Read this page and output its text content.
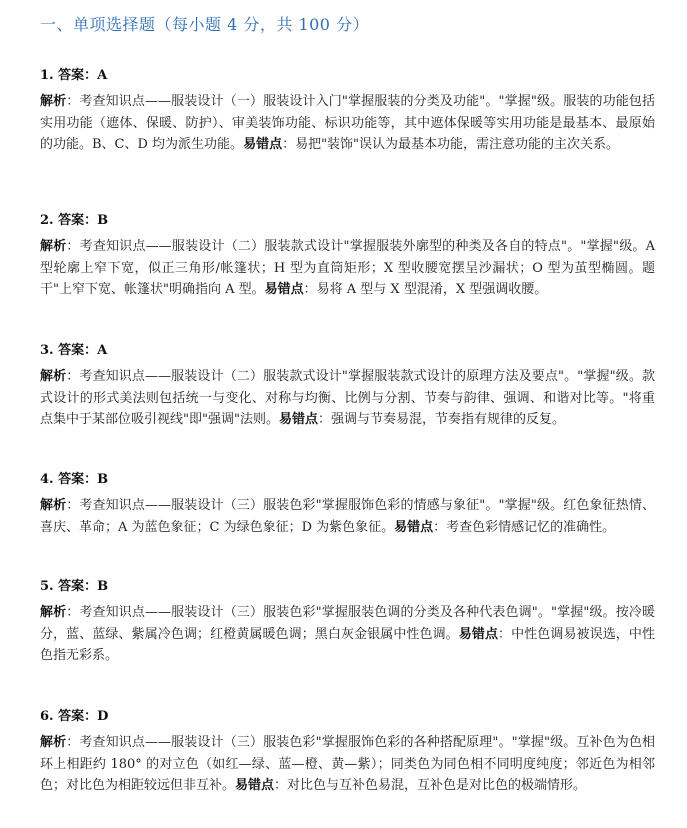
一、单项选择题（每小题 4 分，共 100 分）
1. 答案：A
解析：考查知识点——服装设计（一）服装设计入门"掌握服装的分类及功能"。"掌握"级。服装的功能包括实用功能（遮体、保暖、防护）、审美装饰功能、标识功能等，其中遮体保暖等实用功能是最基本、最原始的功能。B、C、D 均为派生功能。易错点：易把"装饰"误认为最基本功能，需注意功能的主次关系。
2. 答案：B
解析：考查知识点——服装设计（二）服装款式设计"掌握服装外廓型的种类及各自的特点"。"掌握"级。A 型轮廓上窄下宽，似正三角形/帐篷状；H 型为直筒矩形；X 型收腰宽摆呈沙漏状；O 型为茧型椭圆。题干"上窄下宽、帐篷状"明确指向 A 型。易错点：易将 A 型与 X 型混淆，X 型强调收腰。
3. 答案：A
解析：考查知识点——服装设计（二）服装款式设计"掌握服装款式设计的原理方法及要点"。"掌握"级。款式设计的形式美法则包括统一与变化、对称与均衡、比例与分割、节奏与韵律、强调、和谐对比等。"将重点集中于某部位吸引视线"即"强调"法则。易错点：强调与节奏易混，节奏指有规律的反复。
4. 答案：B
解析：考查知识点——服装设计（三）服装色彩"掌握服饰色彩的情感与象征"。"掌握"级。红色象征热情、喜庆、革命；A 为蓝色象征；C 为绿色象征；D 为紫色象征。易错点：考查色彩情感记忆的准确性。
5. 答案：B
解析：考查知识点——服装设计（三）服装色彩"掌握服装色调的分类及各种代表色调"。"掌握"级。按冷暖分，蓝、蓝绿、紫属冷色调；红橙黄属暖色调；黑白灰金银属中性色调。易错点：中性色调易被误选，中性色指无彩系。
6. 答案：D
解析：考查知识点——服装设计（三）服装色彩"掌握服饰色彩的各种搭配原理"。"掌握"级。互补色为色相环上相距约 180° 的对立色（如红—绿、蓝—橙、黄—紫）；同类色为同色相不同明度纯度；邻近色为相邻色；对比色为相距较远但非互补。易错点：对比色与互补色易混，互补色是对比色的极端情形。
